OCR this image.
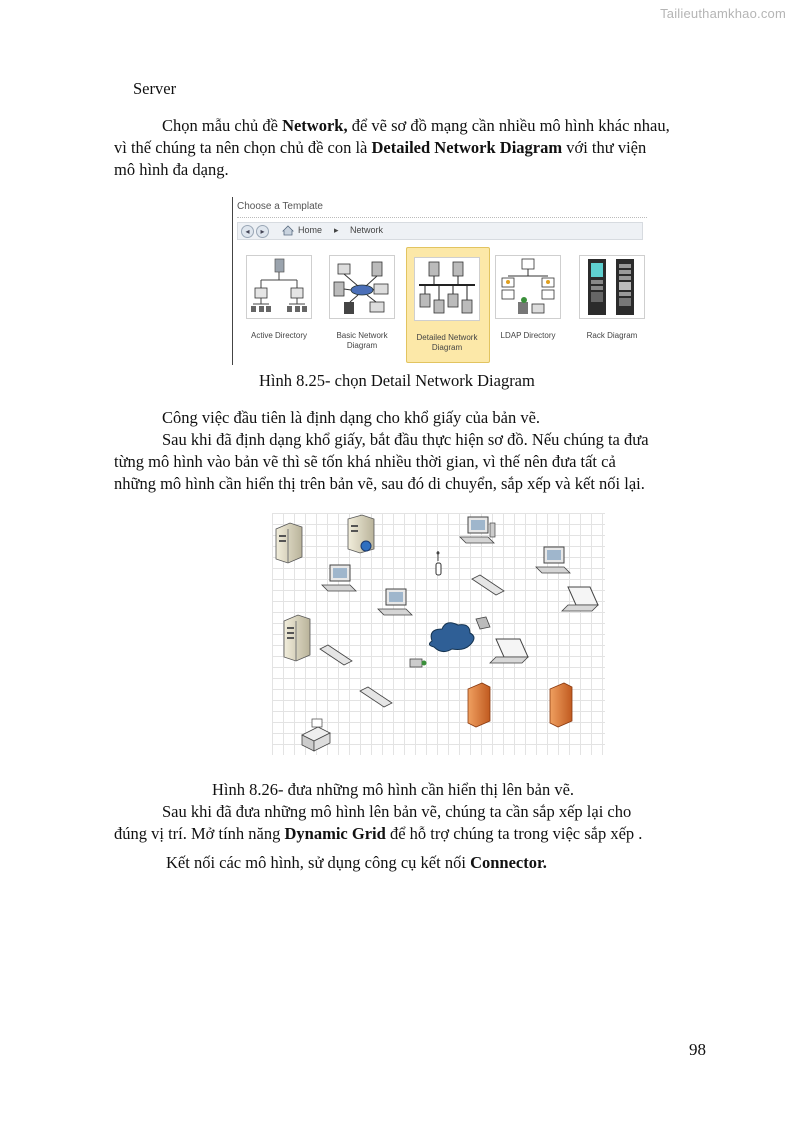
Tailieuthamkhao.com
Server
Chọn mẫu chủ đề Network, để vẽ sơ đồ mạng cần nhiều mô hình khác nhau,
vì thế chúng ta nên chọn chủ đề con là Detailed Network Diagram với thư viện
mô hình đa dạng.
Choose a Template
◂	▸	Home ▸ Network
Active Directory	Basic Network Diagram
Detailed Network Diagram
LDAP Directory	Rack Diagram
Hình 8.25- chọn Detail Network Diagram
Công việc đầu tiên là định dạng cho khổ giấy của bản vẽ.
Sau khi đã định dạng khổ giấy, bắt đầu thực hiện sơ đồ. Nếu chúng ta đưa
từng mô hình vào bản vẽ thì sẽ tốn khá nhiều thời gian, vì thế nên đưa tất cả
những mô hình cần hiển thị trên bản vẽ, sau đó di chuyển, sắp xếp và kết nối lại.
Hình 8.26- đưa những mô hình cần hiển thị lên bản vẽ.
Sau khi đã đưa những mô hình lên bản vẽ, chúng ta cần sắp xếp lại cho
đúng vị trí. Mở tính năng Dynamic Grid để hỗ trợ chúng ta trong việc sắp xếp .
Kết nối các mô hình, sử dụng công cụ kết nối Connector.
98
